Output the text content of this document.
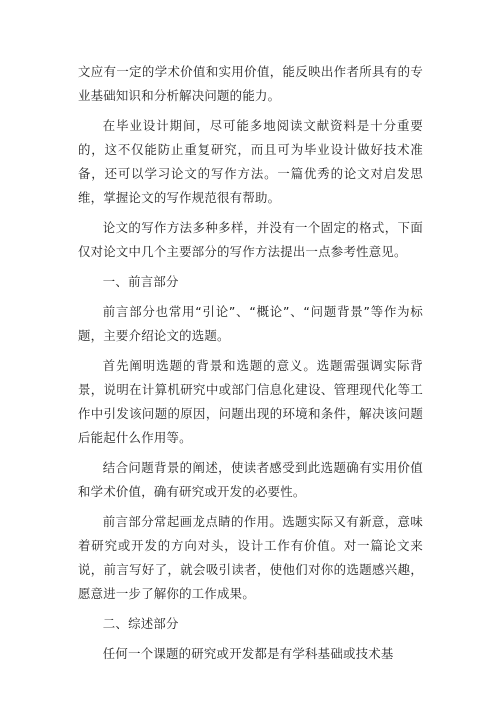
文应有一定的学术价值和实用价值，能反映出作者所具有的专业基础知识和分析解决问题的能力。

在毕业设计期间，尽可能多地阅读文献资料是十分重要的，这不仅能防止重复研究，而且可为毕业设计做好技术准备，还可以学习论文的写作方法。一篇优秀的论文对启发思维，掌握论文的写作规范很有帮助。

论文的写作方法多种多样，并没有一个固定的格式，下面仅对论文中几个主要部分的写作方法提出一点参考性意见。

一、前言部分

前言部分也常用“引论”、“概论”、“问题背景”等作为标题，主要介绍论文的选题。

首先阐明选题的背景和选题的意义。选题需强调实际背景，说明在计算机研究中或部门信息化建设、管理现代化等工作中引发该问题的原因，问题出现的环境和条件，解决该问题后能起什么作用等。

结合问题背景的阐述，使读者感受到此选题确有实用价值和学术价值，确有研究或开发的必要性。

前言部分常起画龙点睛的作用。选题实际又有新意，意味着研究或开发的方向对头，设计工作有价值。对一篇论文来说，前言写好了，就会吸引读者，使他们对你的选题感兴趣，愿意进一步了解你的工作成果。

二、综述部分

任何一个课题的研究或开发都是有学科基础或技术基
